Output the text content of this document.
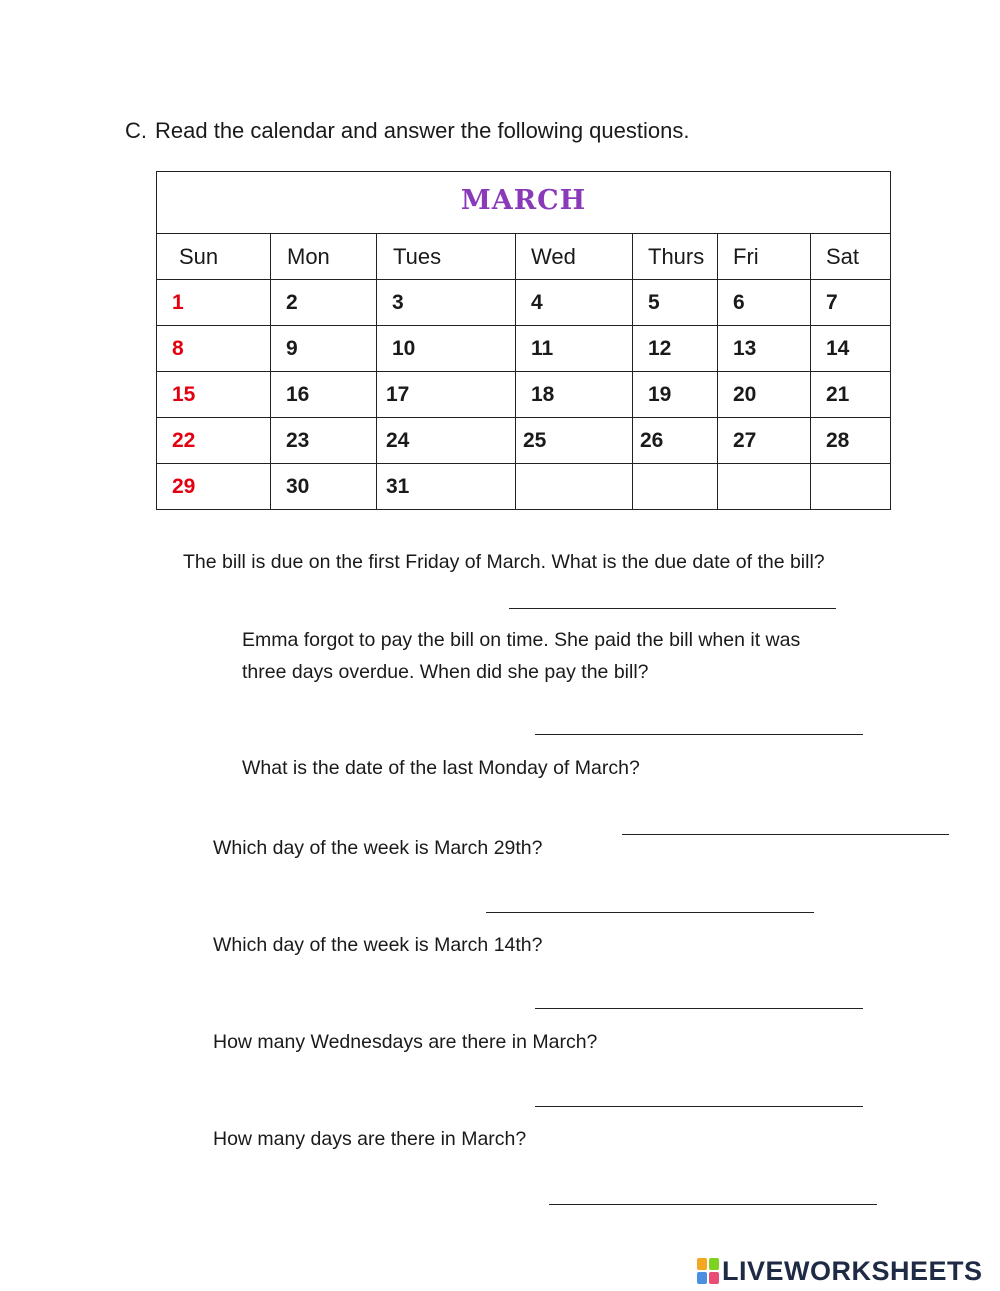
C. Read the calendar and answer the following questions.
MARCH						
Sun	Mon	Tues	Wed	Thurs	Fri	Sat
1	2	3	4	5	6	7
8	9	10	11	12	13	14
15	16	17	18	19	20	21
22	23	24	25	26	27	28
29	30	31				
The bill is due on the first Friday of March. What is the due date of the bill?
Emma forgot to pay the bill on time. She paid the bill when it was
three days overdue. When did she pay the bill?
What is the date of the last Monday of March?
Which day of the week is March 29th?
Which day of the week is March 14th?
How many Wednesdays are there in March?
How many days are there in March?
LIVEWORKSHEETS
